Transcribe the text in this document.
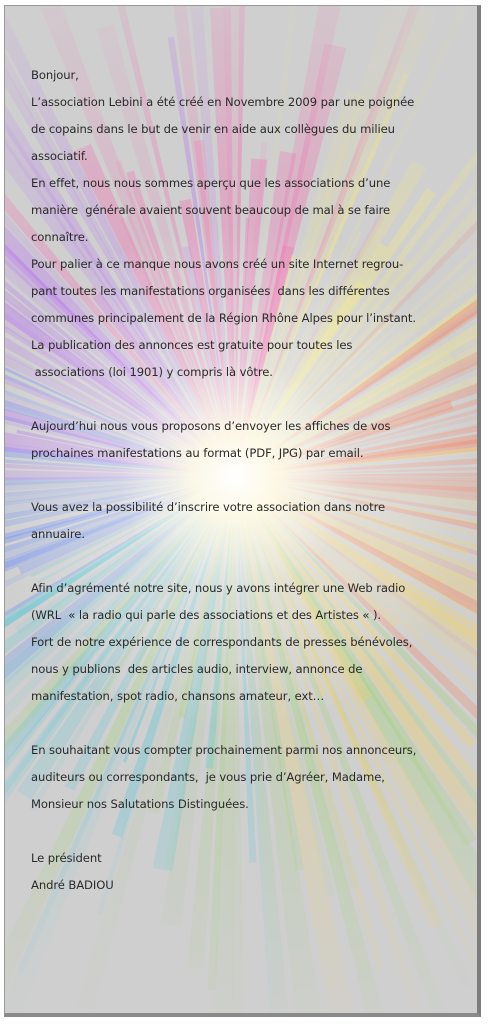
Bonjour,
L’association Lebini a été créé en Novembre 2009 par une poignée
de copains dans le but de venir en aide aux collègues du milieu
associatif.
En effet, nous nous sommes aperçu que les associations d’une
manière  générale avaient souvent beaucoup de mal à se faire
connaître.
Pour palier à ce manque nous avons créé un site Internet regrou-
pant toutes les manifestations organisées  dans les différentes
communes principalement de la Région Rhône Alpes pour l’instant.
La publication des annonces est gratuite pour toutes les
associations (loi 1901) y compris là vôtre.
Aujourd’hui nous vous proposons d’envoyer les affiches de vos
prochaines manifestations au format (PDF, JPG) par email.
Vous avez la possibilité d’inscrire votre association dans notre
annuaire.
Afin d’agrémenté notre site, nous y avons intégrer une Web radio
(WRL  « la radio qui parle des associations et des Artistes « ).
Fort de notre expérience de correspondants de presses bénévoles,
nous y publions  des articles audio, interview, annonce de
manifestation, spot radio, chansons amateur, ext…
En souhaitant vous compter prochainement parmi nos annonceurs,
auditeurs ou correspondants,  je vous prie d’Agréer, Madame,
Monsieur nos Salutations Distinguées.
Le président
André BADIOU
